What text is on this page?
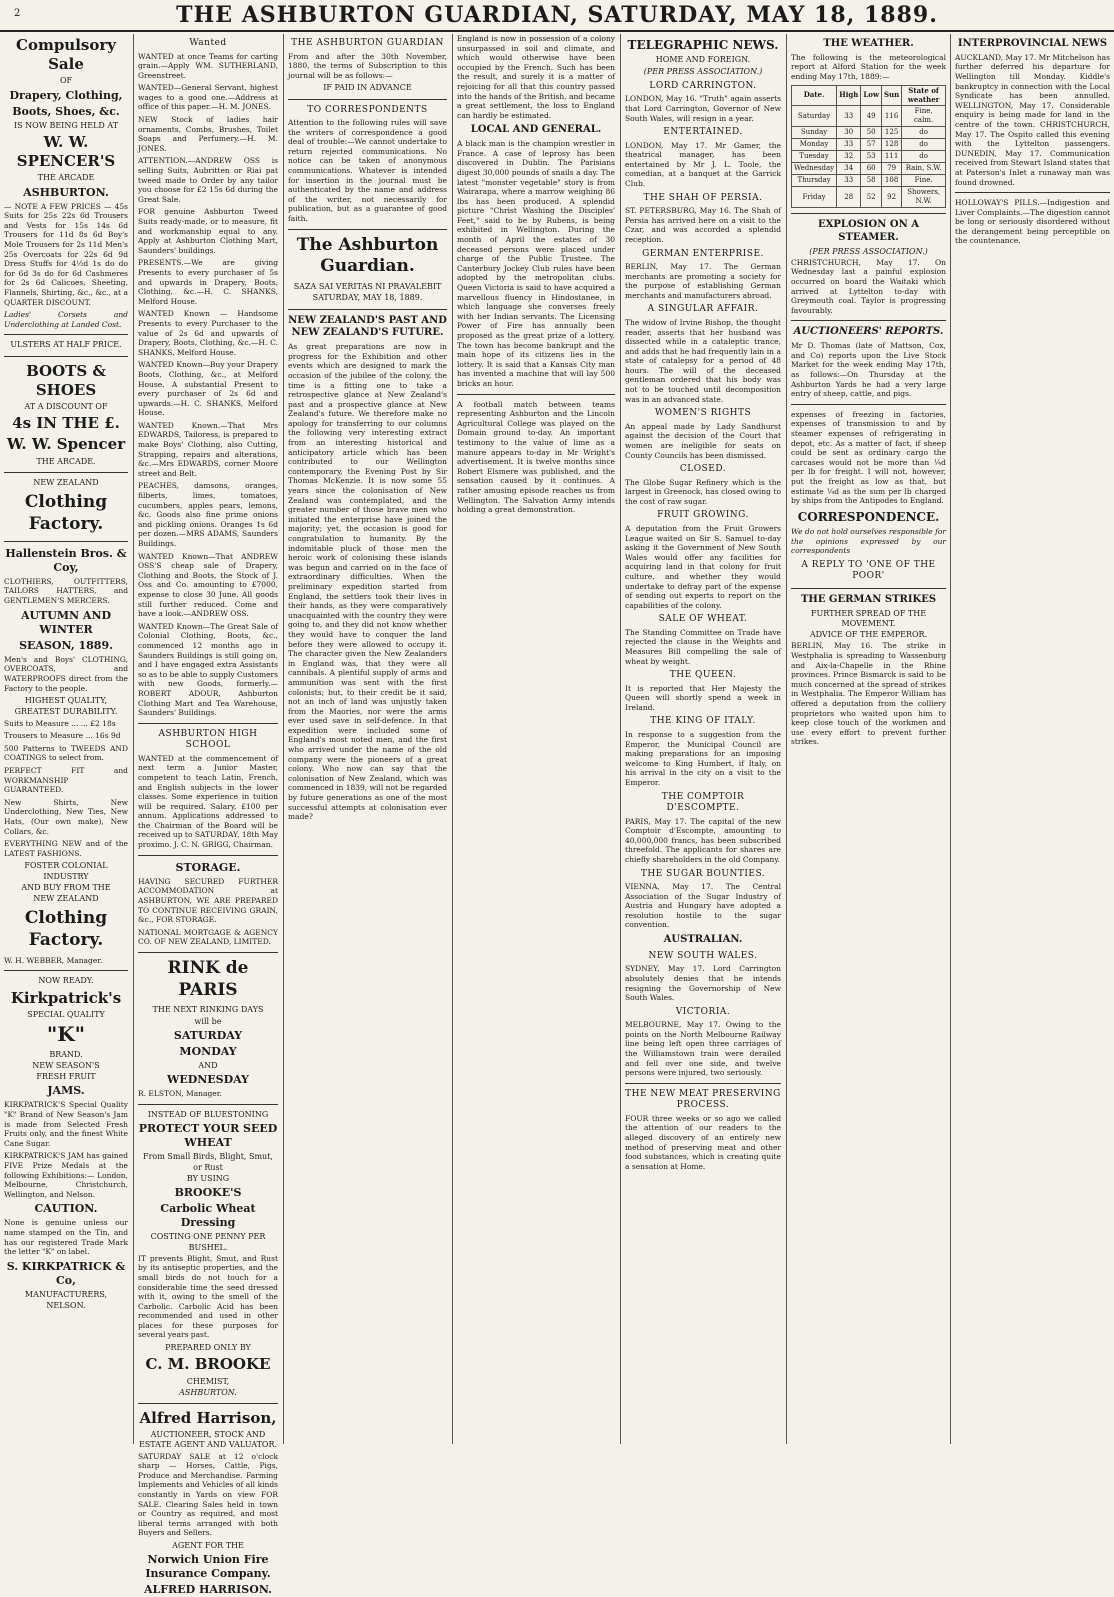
2	THE ASHBURTON GUARDIAN, SATURDAY, MAY 18, 1889.
Compulsory Sale
OF
Drapery, Clothing,
Boots, Shoes, &c.
IS NOW BEING HELD AT
W. W. SPENCER'S
THE ARCADE
ASHBURTON.

— NOTE A FEW PRICES — 45s Suits for 25s 22s 6d Trousers and Vests for 15s 14s 6d Trousers for 11d 8s 6d Boy's Mole Trousers for 2s 11d Men's 25s Overcoats for 22s 6d 9d Dress Stuffs for 4½d 1s do do for 6d 3s do for 6d Cashmeres for 2s 6d Calicoes, Sheeting, Flannels, Shirting, &c., &c., at a QUARTER DISCOUNT.

Ladies' Corsets and Underclothing at Landed Cost.

ULSTERS AT HALF PRICE.
BOOTS & SHOES
AT A DISCOUNT OF
4s IN THE £.
W. W. Spencer
THE ARCADE.
NEW ZEALAND
Clothing Factory.
Hallenstein Bros. & Coy,

CLOTHIERS, OUTFITTERS, TAILORS HATTERS, and GENTLEMEN'S MERCERS.

AUTUMN AND WINTER
SEASON, 1889.

Men's and Boys' CLOTHING, OVERCOATS, and WATERPROOFS direct from the Factory to the people.

HIGHEST QUALITY,
GREATEST DURABILITY.

Suits to Measure ... ... £2 18s

Trousers to Measure ... 16s 9d

500 Patterns to TWEEDS AND COATINGS to select from.

PERFECT FIT and WORKMANSHIP GUARANTEED.

New Shirts, New Underclothing, New Ties, New Hats, (Our own make), New Collars, &c.

EVERYTHING NEW and of the LATEST FASHIONS.

FOSTER COLONIAL INDUSTRY
AND BUY FROM THE
NEW ZEALAND
Clothing Factory.

W. H. WEBBER, Manager.

NOW READY.
Kirkpatrick's
SPECIAL QUALITY
"K"
BRAND.
NEW SEASON'S
FRESH FRUIT
JAMS.

KIRKPATRICK'S Special Quality "K" Brand of New Season's Jam is made from Selected Fresh Fruits only, and the finest White Cane Sugar.

KIRKPATRICK'S JAM has gained FIVE Prize Medals at the following Exhibitions:— London, Melbourne, Christchurch, Wellington, and Nelson.

CAUTION.

None is genuine unless our name stamped on the Tin, and has our registered Trade Mark the letter "K" on label.

S. KIRKPATRICK & Co,
MANUFACTURERS,
NELSON.
Wanted

WANTED at once Teams for carting grain.—Apply WM. SUTHERLAND, Greenstreet.

WANTED—General Servant, highest wages to a good one.—Address at office of this paper.—H. M. JONES.

NEW Stock of ladies hair ornaments, Combs, Brushes, Toilet Soaps and Perfumery.—H. M. JONES.

ATTENTION.—ANDREW OSS is selling Suits, Aubritten or Riai pat tweed made to Order by any tailor you choose for £2 15s 6d during the Great Sale.

FOR genuine Ashburton Tweed Suits ready-made, or to measure, fit and workmanship equal to any. Apply at Ashburton Clothing Mart, Saunders' buildings.

PRESENTS.—We are giving Presents to every purchaser of 5s and upwards in Drapery, Boots, Clothing, &c.—H. C. SHANKS, Melford House.

WANTED Known — Handsome Presents to every Purchaser to the value of 2s 6d and upwards of Drapery, Boots, Clothing, &c.—H. C. SHANKS, Melford House.

WANTED Known—Buy your Drapery Boots, Clothing, &c., at Melford House. A substantial Present to every purchaser of 2s 6d and upwards.—H. C. SHANKS, Melford House.

WANTED Known.—That Mrs EDWARDS, Tailoress, is prepared to make Boys' Clothing, also Cutting, Strapping, repairs and alterations, &c.—Mrs EDWARDS, corner Moore street and Belt.

PEACHES, damsons, oranges, filberts, limes, tomatoes, cucumbers, apples pears, lemons, &c. Goods also fine prime onions and pickling onions. Oranges 1s 6d per dozen.—MRS ADAMS, Saunders Buildings.

WANTED Known—That ANDREW OSS'S cheap sale of Drapery, Clothing and Boots, the Stock of J. Oss and Co. amounting to £7000, expense to close 30 June. All goods still further reduced. Come and have a look.—ANDREW OSS.

WANTED Known—The Great Sale of Colonial Clothing, Boots, &c., commenced 12 months ago in Saunders Buildings is still going on, and I have engaged extra Assistants so as to be able to supply Customers with new Goods, formerly.—ROBERT ADOUR, Ashburton Clothing Mart and Tea Warehouse, Saunders' Buildings.

ASHBURTON HIGH SCHOOL

WANTED at the commencement of next term a Junior Master, competent to teach Latin, French, and English subjects in the lower classes. Some experience in tuition will be required. Salary, £100 per annum. Applications addressed to the Chairman of the Board will be received up to SATURDAY, 18th May proximo. J. C. N. GRIGG, Chairman.

STORAGE.

HAVING SECURED FURTHER ACCOMMODATION at ASHBURTON, WE ARE PREPARED TO CONTINUE RECEIVING GRAIN, &c., FOR STORAGE.

NATIONAL MORTGAGE & AGENCY CO. OF NEW ZEALAND, LIMITED.

RINK de PARIS
THE NEXT RINKING DAYS
will be
SATURDAY
MONDAY
AND
WEDNESDAY

R. ELSTON, Manager.

INSTEAD OF BLUESTONING
PROTECT YOUR SEED WHEAT
From Small Birds, Blight, Smut, or Rust
BY USING
BROOKE'S
Carbolic Wheat Dressing
COSTING ONE PENNY PER BUSHEL.

IT prevents Blight, Smut, and Rust by its antiseptic properties, and the small birds do not touch for a considerable time the seed dressed with it, owing to the smell of the Carbolic. Carbolic Acid has been recommended and used in other places for these purposes for several years past.

PREPARED ONLY BY
C. M. BROOKE
CHEMIST,
ASHBURTON.
Alfred Harrison,
AUCTIONEER, STOCK AND ESTATE AGENT AND VALUATOR.

SATURDAY SALE at 12 o'clock sharp — Horses, Cattle, Pigs, Produce and Merchandise. Farming Implements and Vehicles of all kinds constantly in Yards on view FOR SALE. Clearing Sales held in town or Country as required, and most liberal terms arranged with both Buyers and Sellers.

AGENT FOR THE
Norwich Union Fire Insurance Company.
ALFRED HARRISON.
THE ASHBURTON GUARDIAN

From and after the 30th November, 1880, the terms of Subscription to this journal will be as follows:—

IF PAID IN ADVANCE
TO CORRESPONDENTS

Attention to the following rules will save the writers of correspondence a good deal of trouble:—We cannot undertake to return rejected communications. No notice can be taken of anonymous communications. Whatever is intended for insertion in the journal must be authenticated by the name and address of the writer, not necessarily for publication, but as a guarantee of good faith.

The Ashburton Guardian.
SAZA SAI VERITAS NI PRAVALEBIT
SATURDAY, MAY 18, 1889.
NEW ZEALAND'S PAST AND NEW ZEALAND'S FUTURE.

As great preparations are now in progress for the Exhibition and other events which are designed to mark the occasion of the jubilee of the colony, the time is a fitting one to take a retrospective glance at New Zealand's past and a prospective glance at New Zealand's future. We therefore make no apology for transferring to our columns the following very interesting extract from an interesting historical and anticipatory article which has been contributed to our Wellington contemporary, the Evening Post by Sir Thomas McKenzie. It is now some 55 years since the colonisation of New Zealand was contemplated, and the greater number of those brave men who initiated the enterprise have joined the majority; yet, the occasion is good for congratulation to humanity. By the indomitable pluck of those men the heroic work of colonising these islands was begun and carried on in the face of extraordinary difficulties. When the preliminary expedition started from England, the settlers took their lives in their hands, as they were comparatively unacquainted with the country they were going to, and they did not know whether they would have to conquer the land before they were allowed to occupy it. The character given the New Zealanders in England was, that they were all cannibals. A plentiful supply of arms and ammunition was sent with the first colonists; but, to their credit be it said, not an inch of land was unjustly taken from the Maories, nor were the arms ever used save in self-defence. In that expedition were included some of England's most noted men, and the first who arrived under the name of the old company were the pioneers of a great colony. Who now can say that the colonisation of New Zealand, which was commenced in 1839, will not be regarded by future generations as one of the most successful attempts at colonisation ever made?

England is now in possession of a colony unsurpassed in soil and climate, and which would otherwise have been occupied by the French. Such has been the result, and surely it is a matter of rejoicing for all that this country passed into the hands of the British, and became a great settlement, the loss to England can hardly be estimated.

LOCAL AND GENERAL.

A black man is the champion wrestler in France. A case of leprosy has been discovered in Dublin. The Parisians digest 30,000 pounds of snails a day. The latest "monster vegetable" story is from Wairarapa, where a marrow weighing 86 lbs has been produced. A splendid picture "Christ Washing the Disciples' Feet," said to be by Rubens, is being exhibited in Wellington. During the month of April the estates of 30 deceased persons were placed under charge of the Public Trustee. The Canterbury Jockey Club rules have been adopted by the metropolitan clubs. Queen Victoria is said to have acquired a marvellous fluency in Hindostanee, in which language she converses freely with her Indian servants. The Licensing Power of Fire has annually been proposed as the great prize of a lottery. The town has become bankrupt and the main hope of its citizens lies in the lottery. It is said that a Kansas City man has invented a machine that will lay 500 bricks an hour.

A football match between teams representing Ashburton and the Lincoln Agricultural College was played on the Domain ground to-day. An important testimony to the value of lime as a manure appears to-day in Mr Wright's advertisement. It is twelve months since Robert Elsmere was published, and the sensation caused by it continues. A rather amusing episode reaches us from Wellington. The Salvation Army intends holding a great demonstration.

TELEGRAPHIC NEWS.
HOME AND FOREIGN.
(PER PRESS ASSOCIATION.)
LORD CARRINGTON.

LONDON, May 16. "Truth" again asserts that Lord Carrington, Governor of New South Wales, will resign in a year.

ENTERTAINED.

LONDON, May 17. Mr Gamer, the theatrical manager, has been entertained by Mr J. L. Toole, the comedian, at a banquet at the Garrick Club.

THE SHAH OF PERSIA.

ST. PETERSBURG, May 16. The Shah of Persia has arrived here on a visit to the Czar, and was accorded a splendid reception.

GERMAN ENTERPRISE.

BERLIN, May 17. The German merchants are promoting a society for the purpose of establishing German merchants and manufacturers abroad.

A SINGULAR AFFAIR.

The widow of Irvine Bishop, the thought reader, asserts that her husband was dissected while in a cataleptic trance, and adds that he had frequently lain in a state of catalepsy for a period of 48 hours. The will of the deceased gentleman ordered that his body was not to be touched until decomposition was in an advanced state.

WOMEN'S RIGHTS

An appeal made by Lady Sandhurst against the decision of the Court that women are ineligible for seats on County Councils has been dismissed.

CLOSED.

The Globe Sugar Refinery which is the largest in Greenock, has closed owing to the cost of raw sugar.

FRUIT GROWING.

A deputation from the Fruit Growers League waited on Sir S. Samuel to-day asking it the Government of New South Wales would offer any facilities for acquiring land in that colony for fruit culture, and whether they would undertake to defray part of the expense of sending out experts to report on the capabilities of the colony.

SALE OF WHEAT.

The Standing Committee on Trade have rejected the clause in the Weights and Measures Bill compelling the sale of wheat by weight.

THE QUEEN.

It is reported that Her Majesty the Queen will shortly spend a week in Ireland.

THE KING OF ITALY.

In response to a suggestion from the Emperor, the Municipal Council are making preparations for an imposing welcome to King Humbert, if Italy, on his arrival in the city on a visit to the Emperor.

THE COMPTOIR D'ESCOMPTE.

PARIS, May 17. The capital of the new Comptoir d'Escompte, amounting to 40,000,000 francs, has been subscribed threefold. The applicants for shares are chiefly shareholders in the old Company.

THE SUGAR BOUNTIES.

VIENNA, May 17. The Central Association of the Sugar Industry of Austria and Hungary have adopted a resolution hostile to the sugar convention.

AUSTRALIAN.
NEW SOUTH WALES.

SYDNEY, May 17. Lord Carrington absolutely denies that he intends resigning the Governorship of New South Wales.

VICTORIA.

MELBOURNE, May 17. Owing to the points on the North Melbourne Railway line being left open three carriages of the Williamstown train were derailed and fell over one side, and twelve persons were injured, two seriously.

THE NEW MEAT PRESERVING PROCESS.

FOUR three weeks or so ago we called the attention of our readers to the alleged discovery of an entirely new method of preserving meat and other food substances, which is creating quite a sensation at Home.

THE WEATHER.

The following is the meteorological report at Alford Station for the week ending May 17th, 1889:—

Date.	High	Low	Sun	State of weather
Saturday	33	49	116	Fine, calm.
Sunday	30	50	125	do
Monday	33	57	128	do
Tuesday	32	53	111	do
Wednesday	34	60	79	Rain, S.W.
Thursday	33	58	108	Fine.
Friday	28	52	92	Showers, N.W.
EXPLOSION ON A STEAMER.
(PER PRESS ASSOCIATION.)

CHRISTCHURCH, May 17. On Wednesday last a painful explosion occurred on board the Waitaki which arrived at Lyttelton to-day with Greymouth coal. Taylor is progressing favourably.

AUCTIONEERS' REPORTS.

Mr D. Thomas (late of Mattson, Cox, and Co) reports upon the Live Stock Market for the week ending May 17th, as follows:—On Thursday at the Ashburton Yards he had a very large entry of sheep, cattle, and pigs.

expenses of freezing in factories, expenses of transmission to and by steamer expenses of refrigerating in depot, etc. As a matter of fact, if sheep could be sent as ordinary cargo the carcases would not be more than ¼d per lb for freight. I will not, however, put the freight as low as that, but estimate ¼d as the sum per lb charged by ships from the Antipodes to England.

CORRESPONDENCE.

We do not hold ourselves responsible for the opinions expressed by our correspondents

A REPLY TO 'ONE OF THE POOR'
THE GERMAN STRIKES
FURTHER SPREAD OF THE MOVEMENT.
ADVICE OF THE EMPEROR.

BERLIN, May 16. The strike in Westphalia is spreading to Wassenburg and Aix-la-Chapelle in the Rhine provinces. Prince Bismarck is said to be much concerned at the spread of strikes in Westphalia. The Emperor William has offered a deputation from the colliery proprietors who waited upon him to keep close touch of the workmen and use every effort to prevent further strikes.

INTERPROVINCIAL NEWS

AUCKLAND, May 17. Mr Mitchelson has further deferred his departure for Wellington till Monday. Kiddle's bankruptcy in connection with the Local Syndicate has been annulled. WELLINGTON, May 17. Considerable enquiry is being made for land in the centre of the town. CHRISTCHURCH, May 17. The Ospito called this evening with the Lyttelton passengers. DUNEDIN, May 17. Communication received from Stewart Island states that at Paterson's Inlet a runaway man was found drowned.

HOLLOWAY'S PILLS.—Indigestion and Liver Complaints.—The digestion cannot be long or seriously disordered without the derangement being perceptible on the countenance.
